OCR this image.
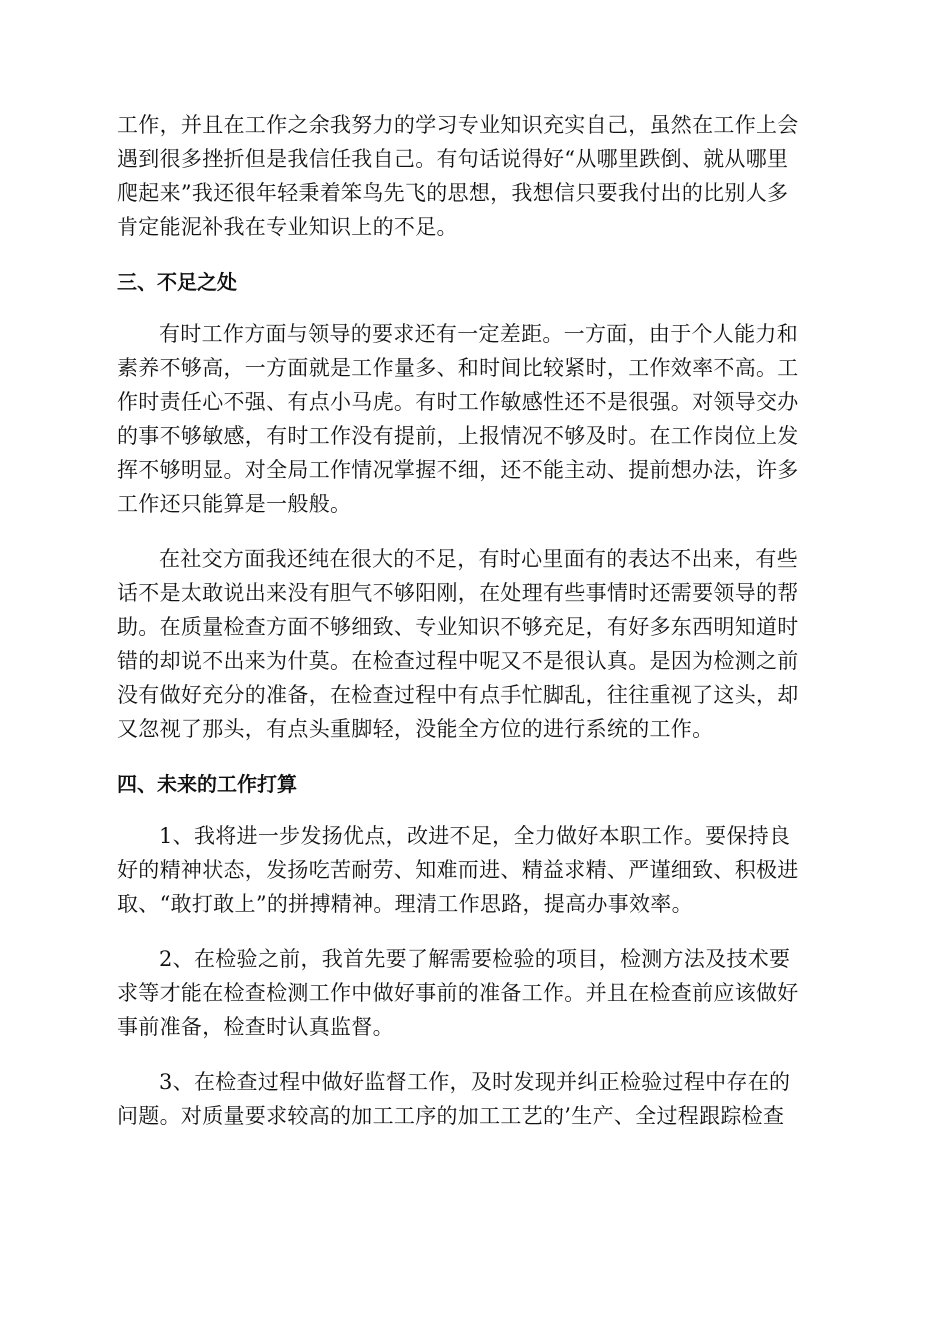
工作，并且在工作之余我努力的学习专业知识充实自己，虽然在工作上会
遇到很多挫折但是我信任我自己。有句话说得好“从哪里跌倒、就从哪里
爬起来”我还很年轻秉着笨鸟先飞的思想，我想信只要我付出的比别人多
肯定能泥补我在专业知识上的不足。
三、不足之处
有时工作方面与领导的要求还有一定差距。一方面，由于个人能力和
素养不够高，一方面就是工作量多、和时间比较紧时，工作效率不高。工
作时责任心不强、有点小马虎。有时工作敏感性还不是很强。对领导交办
的事不够敏感，有时工作没有提前，上报情况不够及时。在工作岗位上发
挥不够明显。对全局工作情况掌握不细，还不能主动、提前想办法，许多
工作还只能算是一般般。
在社交方面我还纯在很大的不足，有时心里面有的表达不出来，有些
话不是太敢说出来没有胆气不够阳刚，在处理有些事情时还需要领导的帮
助。在质量检查方面不够细致、专业知识不够充足，有好多东西明知道时
错的却说不出来为什莫。在检查过程中呢又不是很认真。是因为检测之前
没有做好充分的准备，在检查过程中有点手忙脚乱，往往重视了这头，却
又忽视了那头，有点头重脚轻，没能全方位的进行系统的工作。
四、未来的工作打算
1、我将进一步发扬优点，改进不足，全力做好本职工作。要保持良
好的精神状态，发扬吃苦耐劳、知难而进、精益求精、严谨细致、积极进
取、“敢打敢上”的拼搏精神。理清工作思路，提高办事效率。
2、在检验之前，我首先要了解需要检验的项目，检测方法及技术要
求等才能在检查检测工作中做好事前的准备工作。并且在检查前应该做好
事前准备，检查时认真监督。
3、在检查过程中做好监督工作，及时发现并纠正检验过程中存在的
问题。对质量要求较高的加工工序的加工工艺的’生产、全过程跟踪检查
